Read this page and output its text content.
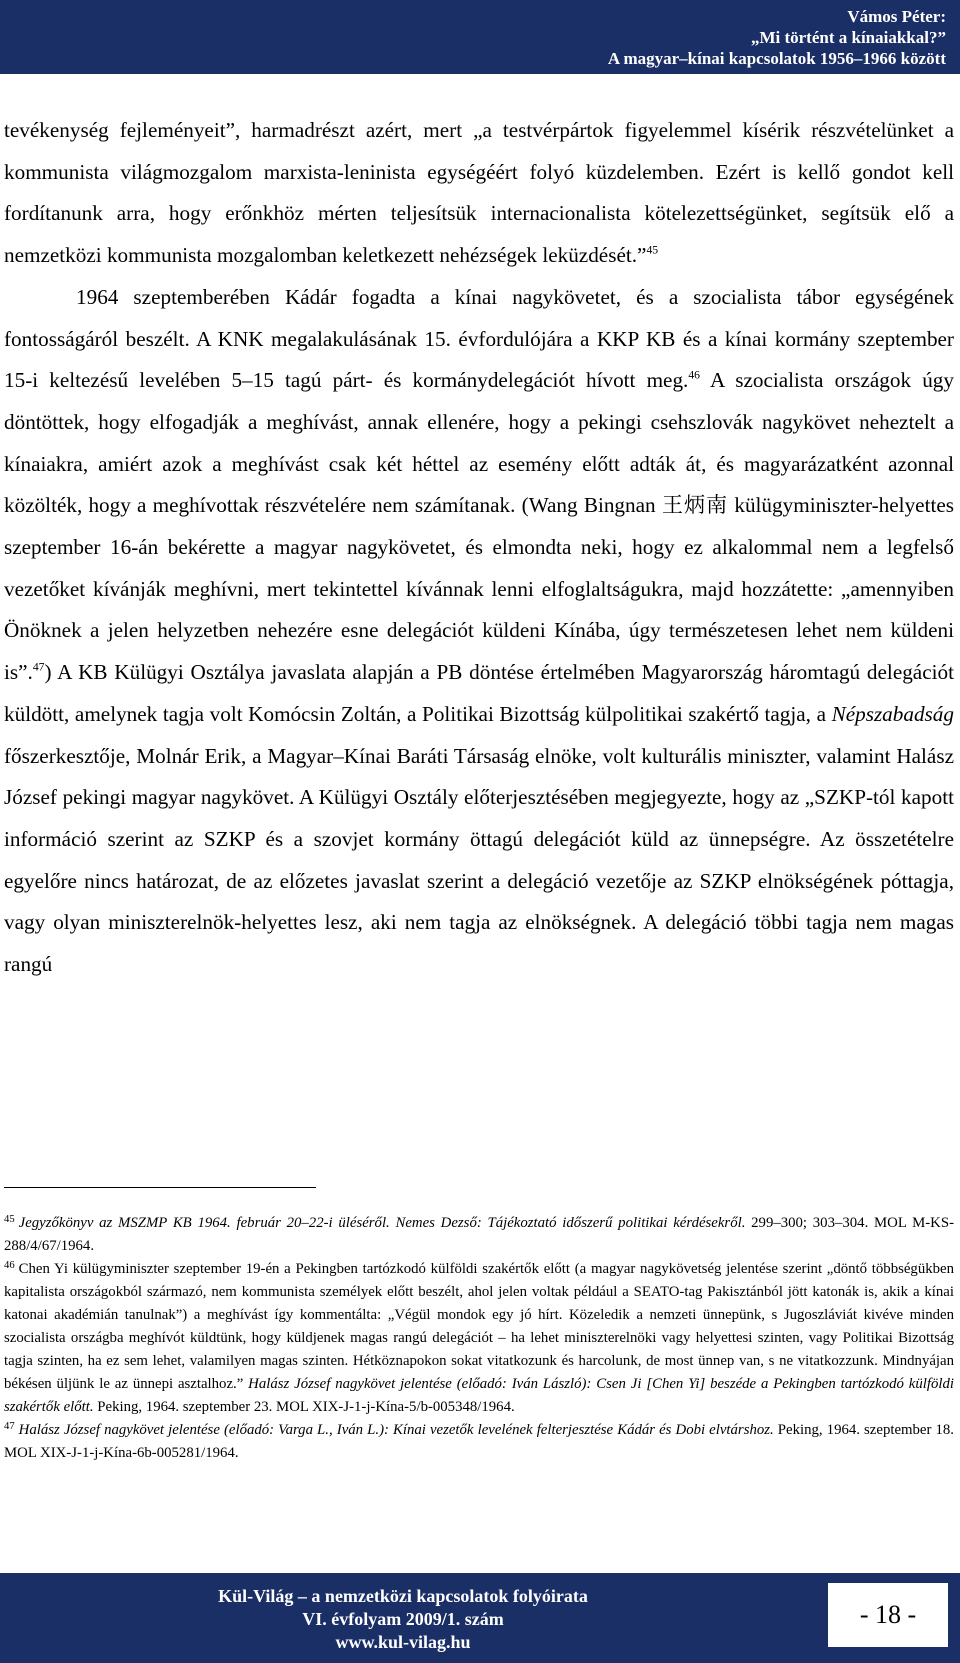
Vámos Péter:
„Mi történt a kínaiakkal?”
A magyar–kínai kapcsolatok 1956–1966 között

tevékenység fejleményeit”, harmadrészt azért, mert „a testvérpártok figyelemmel kísérik részvételünket a kommunista világmozgalom marxista-leninista egységéért folyó küzdelemben. Ezért is kellő gondot kell fordítanunk arra, hogy erőnkhöz mérten teljesítsük internacionalista kötelezettségünket, segítsük elő a nemzetközi kommunista mozgalomban keletkezett nehézségek leküzdését.”$^{45}$

1964 szeptemberében Kádár fogadta a kínai nagykövetet, és a szocialista tábor egységének fontosságáról beszélt. A KNK megalakulásának 15. évfordulójára a KKP KB és a kínai kormány szeptember 15-i keltezésű levelében 5–15 tagú párt- és kormánydelegációt hívott meg.$^{46}$ A szocialista országok úgy döntöttek, hogy elfogadják a meghívást, annak ellenére, hogy a pekingi csehszlovák nagykövet neheztelt a kínaiakra, amiért azok a meghívást csak két héttel az esemény előtt adták át, és magyarázatként azonnal közölték, hogy a meghívottak részvételére nem számítanak. (Wang Bingnan 王炳南 külügyminiszter-helyettes szeptember 16-án bekérette a magyar nagykövetet, és elmondta neki, hogy ez alkalommal nem a legfelső vezetőket kívánják meghívni, mert tekintettel kívánnak lenni elfoglaltságukra, majd hozzátette: „amennyiben Önöknek a jelen helyzetben nehezére esne delegációt küldeni Kínába, úgy természetesen lehet nem küldeni is”.$^{47}$) A KB Külügyi Osztálya javaslata alapján a PB döntése értelmében Magyarország háromtagú delegációt küldött, amelynek tagja volt Komócsin Zoltán, a Politikai Bizottság külpolitikai szakértő tagja, a Népszabadság főszerkesztője, Molnár Erik, a Magyar–Kínai Baráti Társaság elnöke, volt kulturális miniszter, valamint Halász József pekingi magyar nagykövet. A Külügyi Osztály előterjesztésében megjegyezte, hogy az „SZKP-tól kapott információ szerint az SZKP és a szovjet kormány öttagú delegációt küld az ünnepségre. Az összetételre egyelőre nincs határozat, de az előzetes javaslat szerint a delegáció vezetője az SZKP elnökségének póttagja, vagy olyan miniszterelnök-helyettes lesz, aki nem tagja az elnökségnek. A delegáció többi tagja nem magas rangú

$^{45}$ Jegyzőkönyv az MSZMP KB 1964. február 20–22-i üléséről. Nemes Dezső: Tájékoztató időszerű politikai kérdésekről. 299–300; 303–304. MOL M-KS-288/4/67/1964.

$^{46}$ Chen Yi külügyminiszter szeptember 19-én a Pekingben tartózkodó külföldi szakértők előtt (a magyar nagykövetség jelentése szerint „döntő többségükben kapitalista országokból származó, nem kommunista személyek előtt beszélt, ahol jelen voltak például a SEATO-tag Pakisztánból jött katonák is, akik a kínai katonai akadémián tanulnak”) a meghívást így kommentálta: „Végül mondok egy jó hírt. Közeledik a nemzeti ünnepünk, s Jugoszláviát kivéve minden szocialista országba meghívót küldtünk, hogy küldjenek magas rangú delegációt – ha lehet miniszterelnöki vagy helyettesi szinten, vagy Politikai Bizottság tagja szinten, ha ez sem lehet, valamilyen magas szinten. Hétköznapokon sokat vitatkozunk és harcolunk, de most ünnep van, s ne vitatkozzunk. Mindnyájan békésen üljünk le az ünnepi asztalhoz.” Halász József nagykövet jelentése (előadó: Iván László): Csen Ji [Chen Yi] beszéde a Pekingben tartózkodó külföldi szakértők előtt. Peking, 1964. szeptember 23. MOL XIX-J-1-j-Kína-5/b-005348/1964.

$^{47}$ Halász József nagykövet jelentése (előadó: Varga L., Iván L.): Kínai vezetők levelének felterjesztése Kádár és Dobi elvtárshoz. Peking, 1964. szeptember 18. MOL XIX-J-1-j-Kína-6b-005281/1964.

Kül-Világ – a nemzetközi kapcsolatok folyóirata
VI. évfolyam 2009/1. szám
www.kul-vilag.hu
- 18 -
